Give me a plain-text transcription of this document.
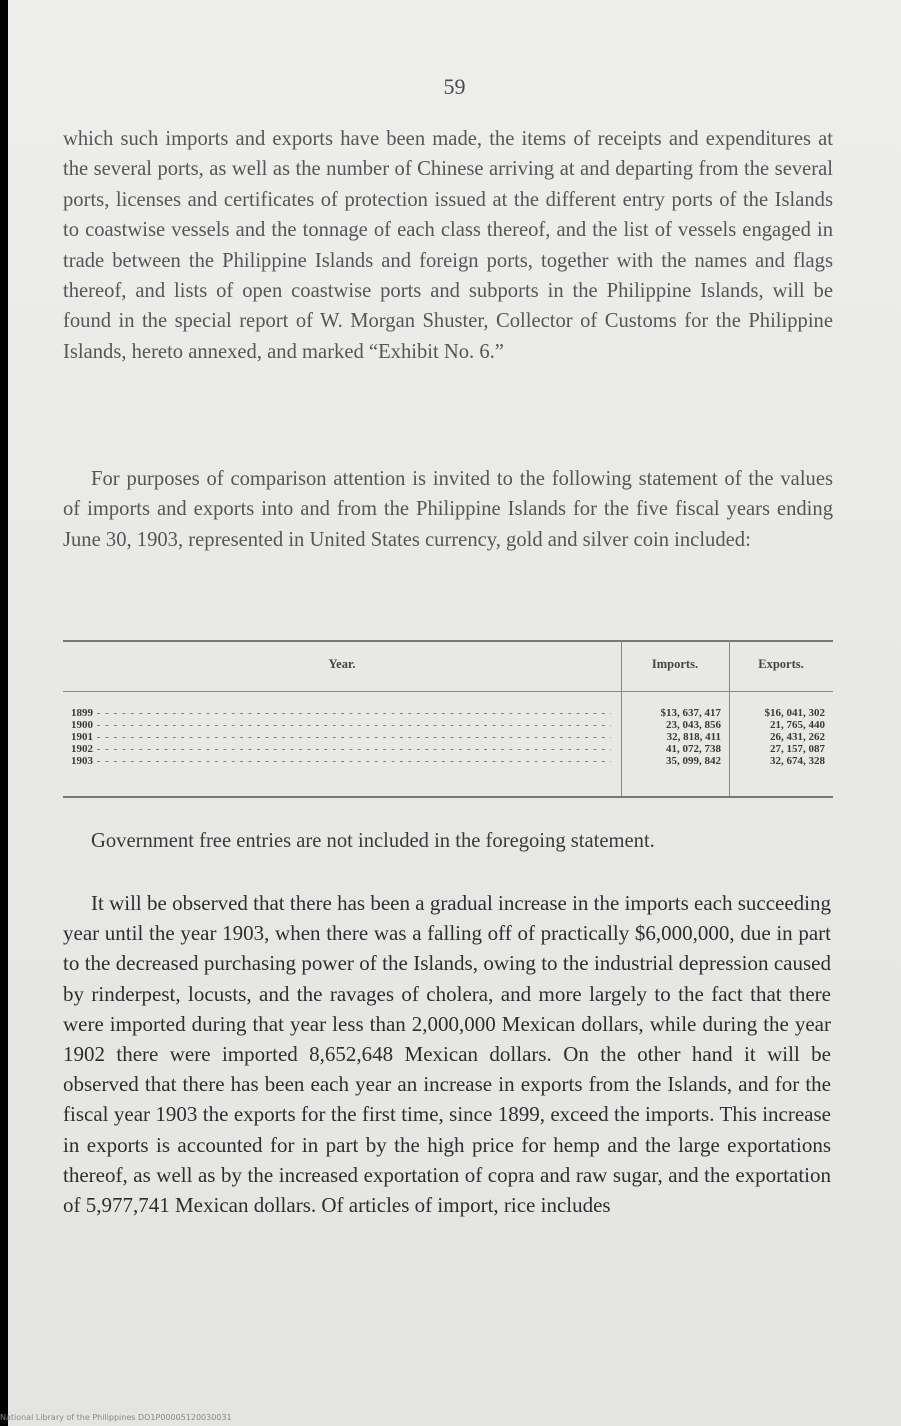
59

which such imports and exports have been made, the items of receipts and expenditures at the several ports, as well as the number of Chinese arriving at and departing from the several ports, licenses and certificates of protection issued at the different entry ports of the Islands to coastwise vessels and the tonnage of each class thereof, and the list of vessels engaged in trade between the Philippine Islands and foreign ports, together with the names and flags thereof, and lists of open coastwise ports and subports in the Philippine Islands, will be found in the special report of W. Morgan Shuster, Collector of Customs for the Philippine Islands, hereto annexed, and marked “Exhibit No. 6.”

For purposes of comparison attention is invited to the following statement of the values of imports and exports into and from the Philippine Islands for the five fiscal years ending June 30, 1903, represented in United States currency, gold and silver coin included:

Year.	Imports.	Exports.
1899 - - -	$13, 637, 417	$16, 041, 302
1900 - - -	23, 043, 856	21, 765, 440
1901 - - -	32, 818, 411	26, 431, 262
1902 - - -	41, 072, 738	27, 157, 087
1903 - - -	35, 099, 842	32, 674, 328

Government free entries are not included in the foregoing statement.

It will be observed that there has been a gradual increase in the imports each succeeding year until the year 1903, when there was a falling off of practically $6,000,000, due in part to the decreased purchasing power of the Islands, owing to the industrial depression caused by rinderpest, locusts, and the ravages of cholera, and more largely to the fact that there were imported during that year less than 2,000,000 Mexican dollars, while during the year 1902 there were imported 8,652,648 Mexican dollars. On the other hand it will be observed that there has been each year an increase in exports from the Islands, and for the fiscal year 1903 the exports for the first time, since 1899, exceed the imports. This increase in exports is accounted for in part by the high price for hemp and the large exportations thereof, as well as by the increased exportation of copra and raw sugar, and the exportation of 5,977,741 Mexican dollars. Of articles of import, rice includes

National Library of the Philippines DO1P00005120030031
